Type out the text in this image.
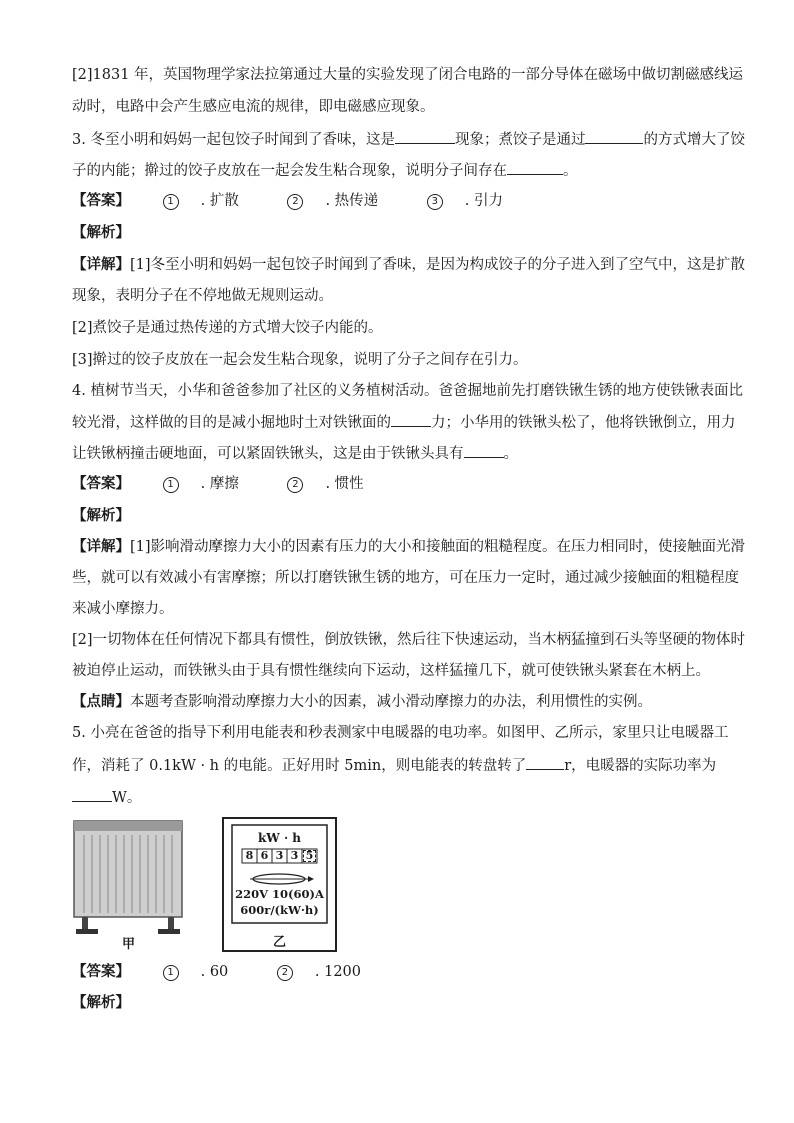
[2]1831 年，英国物理学家法拉第通过大量的实验发现了闭合电路的一部分导体在磁场中做切割磁感线运
动时，电路中会产生感应电流的规律，即电磁感应现象。
3. 冬至小明和妈妈一起包饺子时闻到了香味，这是	现象；煮饺子是通过	的方式增大了饺
子的内能；擀过的饺子皮放在一起会发生粘合现象，说明分子间存在	。
【答案】	1 . 扩散	2 . 热传递	3 . 引力
【解析】
【详解】[1]冬至小明和妈妈一起包饺子时闻到了香味，是因为构成饺子的分子进入到了空气中，这是扩散
现象，表明分子在不停地做无规则运动。
[2]煮饺子是通过热传递的方式增大饺子内能的。
[3]擀过的饺子皮放在一起会发生粘合现象，说明了分子之间存在引力。
4. 植树节当天，小华和爸爸参加了社区的义务植树活动。爸爸掘地前先打磨铁锹生锈的地方使铁锹表面比
较光滑，这样做的目的是减小掘地时土对铁锹面的	力；小华用的铁锹头松了，他将铁锹倒立，用力
让铁锹柄撞击硬地面，可以紧固铁锹头，这是由于铁锹头具有	。
【答案】	1 . 摩擦	2 . 惯性
【解析】
【详解】[1]影响滑动摩擦力大小的因素有压力的大小和接触面的粗糙程度。在压力相同时，使接触面光滑
些，就可以有效减小有害摩擦；所以打磨铁锹生锈的地方，可在压力一定时，通过减少接触面的粗糙程度
来减小摩擦力。
[2]一切物体在任何情况下都具有惯性，倒放铁锹，然后往下快速运动，当木柄猛撞到石头等坚硬的物体时
被迫停止运动，而铁锹头由于具有惯性继续向下运动，这样猛撞几下，就可使铁锹头紧套在木柄上。
【点睛】本题考查影响滑动摩擦力大小的因素，减小滑动摩擦力的办法，利用惯性的实例。
5. 小亮在爸爸的指导下利用电能表和秒表测家中电暖器的电功率。如图甲、乙所示，家里只让电暖器工
作，消耗了 0.1kW · h 的电能。正好用时 5min，则电能表的转盘转了	r，电暖器的实际功率为
W。
甲
kW · h
8 6 3 3 5
220V 10(60)A
600r/(kW·h)
乙
【答案】	1 . 60	2 . 1200
【解析】
